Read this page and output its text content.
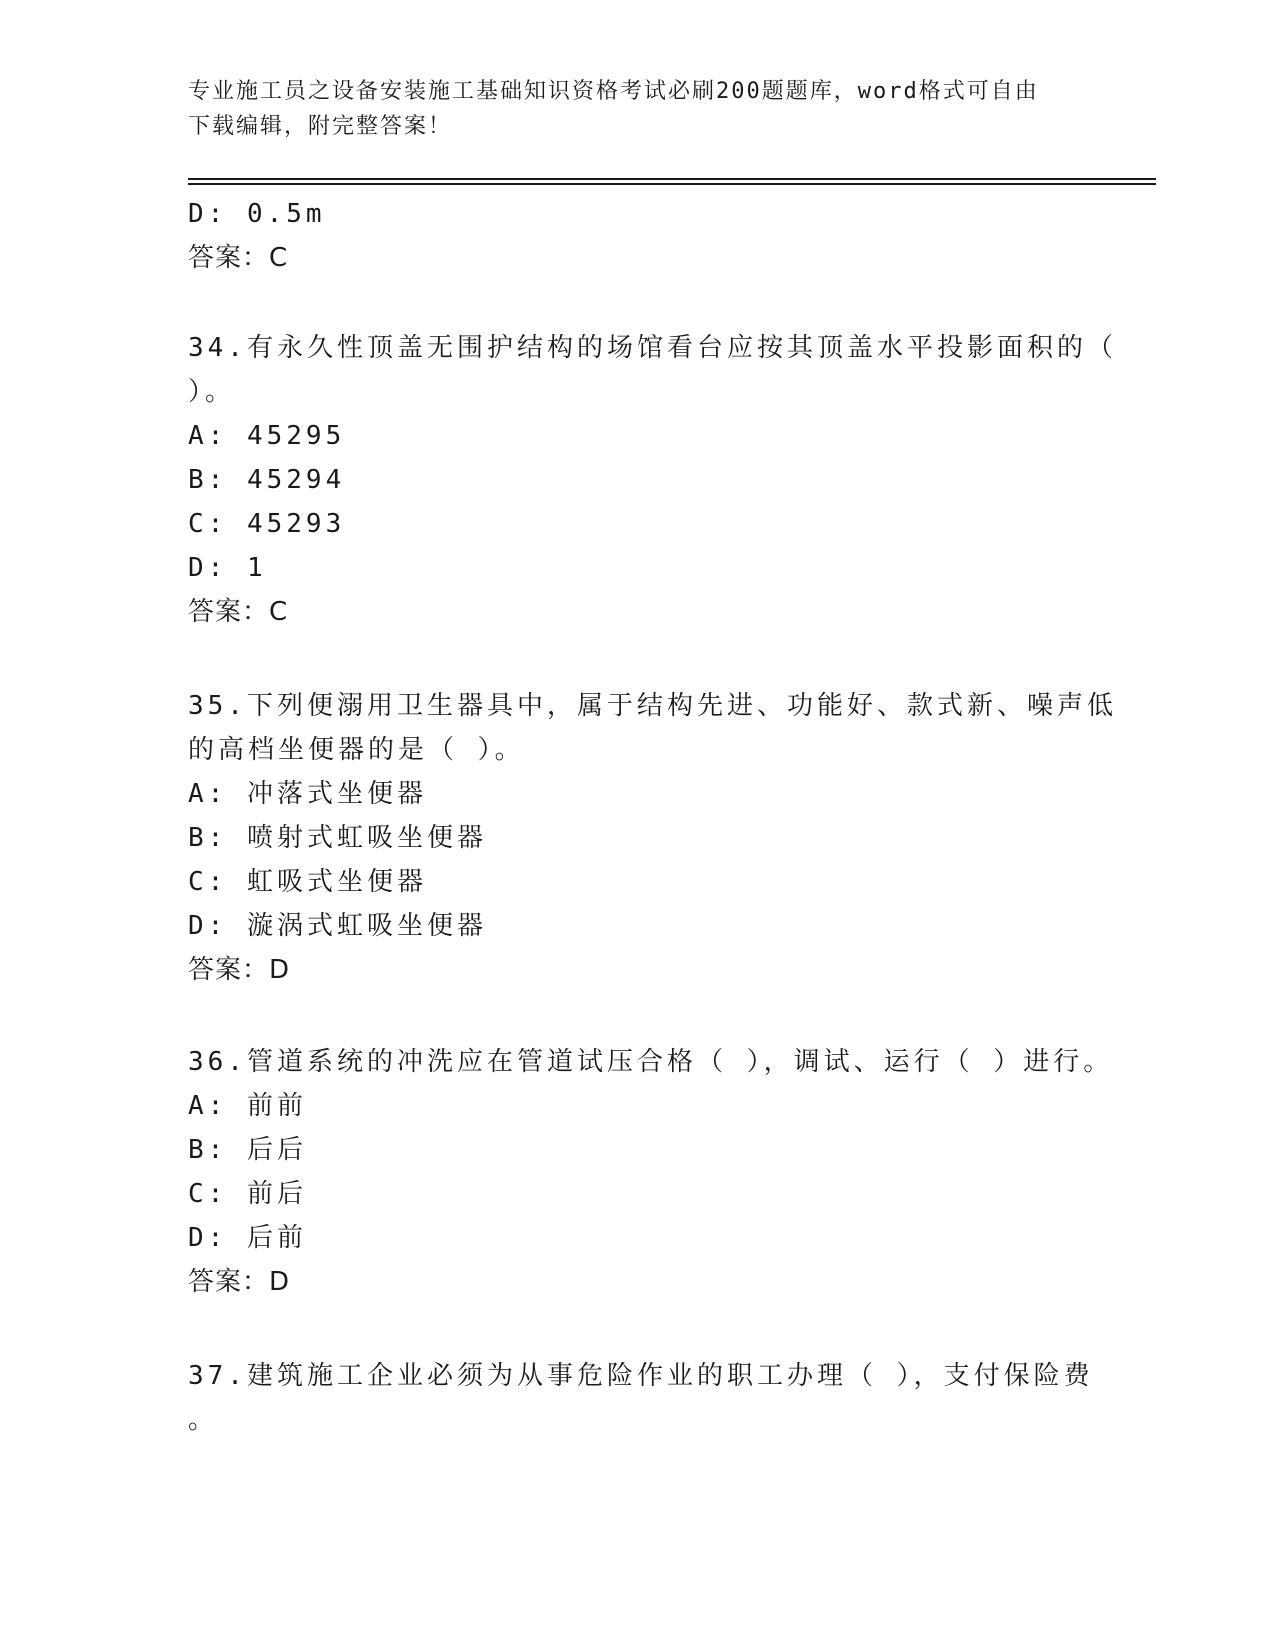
专业施工员之设备安装施工基础知识资格考试必刷200题题库，word格式可自由
下载编辑，附完整答案！
D: 0.5m
答案：C
34.有永久性顶盖无围护结构的场馆看台应按其顶盖水平投影面积的（
）。
A: 45295
B: 45294
C: 45293
D: 1
答案：C
35.下列便溺用卫生器具中，属于结构先进、功能好、款式新、噪声低
的高档坐便器的是（ ）。
A: 冲落式坐便器
B: 喷射式虹吸坐便器
C: 虹吸式坐便器
D: 漩涡式虹吸坐便器
答案：D
36.管道系统的冲洗应在管道试压合格（ ），调试、运行（ ）进行。
A: 前前
B: 后后
C: 前后
D: 后前
答案：D
37.建筑施工企业必须为从事危险作业的职工办理（ ），支付保险费
。
